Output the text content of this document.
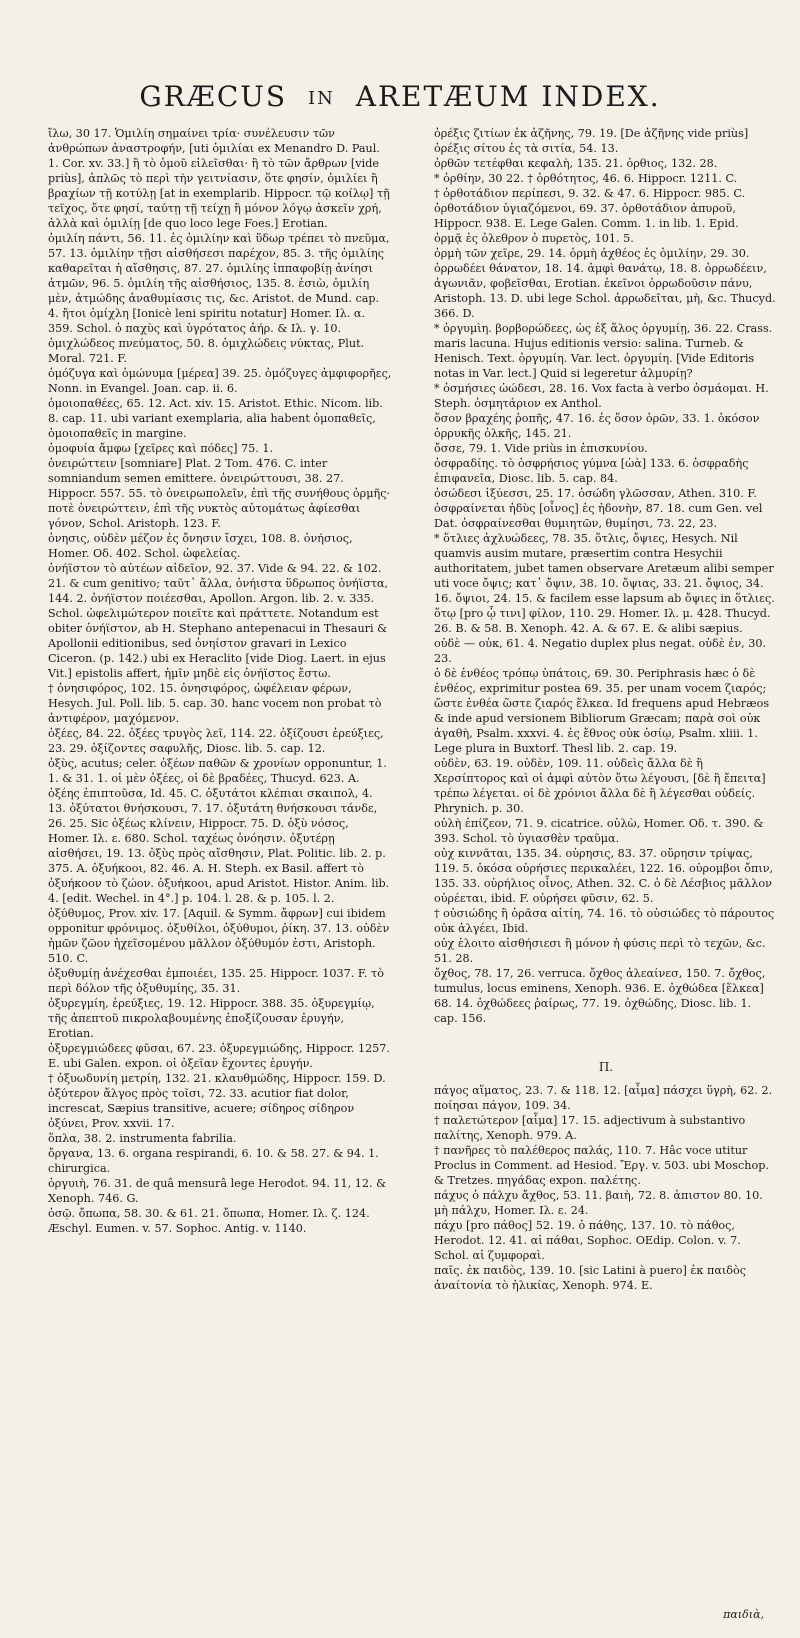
GRÆCUS IN ARETÆUM INDEX.

ἴλω, 30 17. Ὁμιλίη σημαίνει τρία· συνέλευσιν τῶν ἀνθρώπων ἀναστροφήν, [uti ὁμιλίαι ex Menandro D. Paul. 1. Cor. xv. 33.] ἢ τὸ ὁμοῦ εἰλεῖσθαι· ἢ τὸ τῶν ἄρθρων [vide priùs], ἁπλῶς τὸ περὶ τὴν γειτνίασιν, ὅτε φησίν, ὁμιλίει ἢ βραχίων τῇ κοτύλῃ [at in exemplarib. Hippocr. τῷ κοίλῳ] τῇ τεῖχος, ὅτε φησί, ταύτῃ τῇ τείχῃ ἢ μόνον λόγῳ ἀσκεῖν χρή, ἀλλὰ καὶ ὁμιλίῃ [de quo loco lege Foes.] Erotian.

ὁμιλίη πάντι, 56. 11. ἐς ὁμιλίην καὶ ὕδωρ τρέπει τὸ πνεῦμα, 57. 13. ὁμιλίην τῇσι αἰσθήσεσι παρέχον, 85. 3. τῆς ὁμιλίης καθαρεῖται ἡ αἴσθησις, 87. 27. ὁμιλίης ἱππαφοβίῃ ἀνίησι ἀτμῶν, 96. 5. ὁμιλίη τῆς αἰσθήσιος, 135. 8. ἐσιὼ, ὁμιλίη μὲν, ἀτμώδης ἀναθυμίασις τις, &c. Aristot. de Mund. cap. 4. ἤτοι ὁμίχλη [Ionicè leni spiritu notatur] Homer. Ιλ. α. 359. Schol. ὁ παχὺς καὶ ὑγρότατος ἀήρ. & Ιλ. γ. 10.

ὁμιχλώδεος πνεύματος, 50. 8. ὁμιχλώδεις νύκτας, Plut. Moral. 721. F.

ὁμόζυγα καὶ ὁμώνυμα [μέρεα] 39. 25. ὁμόζυγες ἀμφιφορῆες, Nonn. in Evangel. Joan. cap. ii. 6.

ὁμοιοπαθέες, 65. 12. Act. xiv. 15. Aristot. Ethic. Nicom. lib. 8. cap. 11. ubi variant exemplaria, alia habent ὁμοπαθεῖς, ὁμοιοπαθεῖς in margine.

ὁμοφυία ἄμφω [χεῖρες καὶ πόδες] 75. 1.

ὀνειρώττειν [somniare] Plat. 2 Tom. 476. C. inter somniandum semen emittere. ὀνειρώττουσι, 38. 27. Hippocr. 557. 55. τὸ ὀνειρωπολεῖν, ἐπὶ τῆς συνήθους ὀρμῆς· ποτὲ ὀνειρώττειν, ἐπὶ τῆς νυκτὸς αὐτομάτως ἀφίεσθαι γόνον, Schol. Aristoph. 123. F.

ὀνησις, οὐδὲν μέζον ἐς ὄνησιν ἴσχει, 108. 8. ὀνήσιος, Homer. Οδ. 402. Schol. ὠφελείας.

ὀνήϊστον τὸ αὐτέων αἰδεῖον, 92. 37. Vide & 94. 22. & 102. 21. & cum genitivo; ταῦτ᾽ ἄλλα, ὀνήιστα ὕδρωπος ὀνήϊστα, 144. 2. ὀνήϊστον ποιέεσθαι, Apollon. Argon. lib. 2. v. 335. Schol. ὠφελιμώτερον ποιεῖτε καὶ πράττετε. Notandum est obiter ὀνήϊστον, ab H. Stephano antepenacui in Thesauri & Apollonii editionibus, sed ὀνηίστον gravari in Lexico Ciceron. (p. 142.) ubi ex Heraclito [vide Diog. Laert. in ejus Vit.] epistolis affert, ἡμῖν μηδὲ εἰς ὀνήϊστος ἔστω.

† ὀνησιφόρος, 102. 15. ὀνησιφόρος, ὠφέλειαν φέρων, Hesych. Jul. Poll. lib. 5. cap. 30. hanc vocem non probat τὸ ἀντιφέρον, μαχόμενον.

ὀξέες, 84. 22. ὀξέες τρυγὸς λεῖ, 114. 22. ὀξίζουσι ἐρεύξιες, 23. 29. ὀξίζοντες σαφυλῆς, Diosc. lib. 5. cap. 12.

ὀξὺς, acutus; celer. ὀξέων παθῶν & χρονίων opponuntur, 1. 1. & 31. 1. οἱ μὲν ὀξέες, οἱ δὲ βραδέες, Thucyd. 623. A. ὀξέης ἐπιπτοῦσα, Id. 45. C. ὀξυτάτοι κλέπιαι σκαιπολ, 4. 13. ὀξύτατοι θνήσκουσι, 7. 17. ὀξυτάτη θνήσκουσι τάνδε, 26. 25. Sic ὀξέως κλίνειν, Hippocr. 75. D. ὀξὺ νόσος, Homer. Ιλ. ε. 680. Schol. ταχέως ὀνόησιν. ὀξυτέρῃ αἰσθήσει, 19. 13. ὀξὺς πρὸς αἴσθησιν, Plat. Politic. lib. 2. p. 375. A. ὀξυήκοοι, 82. 46. A. H. Steph. ex Basil. affert τὸ ὀξυήκοον τὸ ζώον. ὀξυήκοοι, apud Aristot. Histor. Anim. lib. 4. [edit. Wechel. in 4°.] p. 104. l. 28. & p. 105. l. 2.

ὀξύθυμος, Prov. xiv. 17. [Aquil. & Symm. ἄφρων] cui ibidem opponitur φρόνιμος. ὀξυθίλοι, ὀξύθυμοι, ῥίκη. 37. 13. οὐδὲν ἡμῶν ζῶον ἡχεῖσομένου μᾶλλον ὀξύθυμόν ἐστι, Aristoph. 510. C.

ὀξυθυμίῃ ἀνέχεσθαι ἐμποιέει, 135. 25. Hippocr. 1037. F. τὸ περὶ δόλον τῆς ὀξυθυμίης, 35. 31.

ὀξυρεγμίη, ἐρεύξιες, 19. 12. Hippocr. 388. 35. ὀξυρεγμίῳ, τῆς ἀπεπτοῦ πικρολαβουμένης ἐποξίζουσαν ἐρυγήν, Erotian.

ὀξυρεγμιώδεες φῦσαι, 67. 23. ὀξυρεγμιώδης, Hippocr. 1257. E. ubi Galen. expon. οἱ ὀξεῖαν ἔχοντες ἐρυγήν.

† ὀξυωδυνίη μετρίη, 132. 21. κλαυθμώδης, Hippocr. 159. D.

ὀξύτερον ἄλγος πρὸς τοῖσι, 72. 33. acutior fiat dolor, increscat, Sæpius transitive, acuere; σίδηρος σίδηρον ὀξύνει, Prov. xxvii. 17.

ὅπλα, 38. 2. instrumenta fabrilia.

ὄργανα, 13. 6. organa respirandi, 6. 10. & 58. 27. & 94. 1. chirurgica.

ὀργυιὴ, 76. 31. de quâ mensurâ lege Herodot. 94. 11, 12. & Xenoph. 746. G.

ὀσῷ. ὄπωπα, 58. 30. & 61. 21. ὄπωπα, Homer. Ιλ. ζ. 124. Æschyl. Eumen. v. 57. Sophoc. Antig. v. 1140.

ὀρέξις ζιτίων ἐκ ἀζῆνης, 79. 19. [De ἀζῆνης vide priùs] ὀρέξις σίτου ἐς τὰ σιτία, 54. 13.

ὀρθῶν τετέφθαι κεφαλὴ, 135. 21. ὀρθιος, 132. 28.

* ὀρθίην, 30 22. † ὀρθότητος, 46. 6. Hippocr. 1211. C.

† ὀρθοτάδιον περίπεσι, 9. 32. & 47. 6. Hippocr. 985. C. ὀρθοτάδιον ὑγιαζόμενοι, 69. 37. ὀρθοτάδιον ἀπυροῦ, Hippocr. 938. E. Lege Galen. Comm. 1. in lib. 1. Epid.

ὀρμᾷ ἐς ὀλεθρον ὁ πυρετὸς, 101. 5.

ὀρμὴ τῶν χεῖρε, 29. 14. ὀρμὴ ἀχθέος ἐς ὁμιλίην, 29. 30.

ὀρρωδέει θάνατον, 18. 14. ἀμφὶ θανάτῳ, 18. 8. ὀρρωδέειν, ἀγωνιᾶν, φοβεῖσθαι, Erotian. ἐκεῖνοι ὀρρωδοῦσιν πάνυ, Aristoph. 13. D. ubi lege Schol. ἀρρωδεῖται, μὴ, &c. Thucyd. 366. D.

* ὀργυμὶη. βορβορώδεες, ὡς ἐξ ἅλος ὀργυμίῃ, 36. 22. Crass. maris lacuna. Hujus editionis versio: salina. Turneb. & Henisch. Text. ὀργυμίη. Var. lect. ὀργυμίη. [Vide Editoris notas in Var. lect.] Quid si legeretur ἀλμυρίῃ?

* ὀσμήσιες ὠώδεσι, 28. 16. Vox facta à verbo ὀσμάομαι. H. Steph. ὀσμητάριον ex Anthol.

ὅσον βραχέης ῥοπῆς, 47. 16. ἐς ὅσον ὁρῶν, 33. 1. ὁκόσον ὁρρυκῆς ὀλκῆς, 145. 21.

ὄσσε, 79. 1. Vide priùs in ἐπισκυνίου.

ὀσφραδίης. τὸ ὀσφρήσιος γύμνα [ὠὰ] 133. 6. ὀσφραδὴς ἐπιφανεῖα, Diosc. lib. 5. cap. 84.

ὀσώδεσι ἰξύεσσι, 25. 17. ὀσώδη γλῶσσαν, Athen. 310. F.

ὀσφραίνεται ἡδὺς [οἶνος] ἐς ἡδονὴν, 87. 18. cum Gen. vel Dat. ὀσφραίνεσθαι θυμιητῶν, θυμίησι, 73. 22, 23.

* ὅτλιες ἀχλυώδεες, 78. 35. ὅτλις, ὄψιες, Hesych. Nil quamvis ausim mutare, præsertim contra Hesychii authoritatem, jubet tamen observare Aretæum alibi semper uti voce ὄψις; κατ᾽ ὄψιν, 38. 10. ὄψιας, 33. 21. ὄψιος, 34. 16. ὄψιοι, 24. 15. & facilem esse lapsum ab ὄψιες in ὅτλιες.

ὅτῳ [pro ᾧ τινι] φίλον, 110. 29. Homer. Ιλ. μ. 428. Thucyd. 26. B. & 58. B. Xenoph. 42. A. & 67. E. & alibi sæpius.

οὐδὲ — οὐκ, 61. 4. Negatio duplex plus negat. οὐδὲ ἐν, 30. 23.

ὁ δὲ ἐνθέος τρόπῳ ὑπάτοις, 69. 30. Periphrasis hæc ὁ δὲ ἐνθέος, exprimitur postea 69. 35. per unam vocem ζιαρός; ὥστε ἐνθέα ὥστε ζιαρός ἕλκεα. Id frequens apud Hebræos & inde apud versionem Bibliorum Græcam; παρὰ σοὶ οὐκ ἀγαθὴ, Psalm. xxxvi. 4. ἐς ἔθνος οὐκ ὁσίῳ, Psalm. xliii. 1. Lege plura in Buxtorf. Thesl lib. 2. cap. 19.

οὐδὲν, 63. 19. οὐδὲν, 109. 11. οὐδεὶς ἄλλα δὲ ἢ Χερσίπτορος καὶ οἱ ἀμφὶ αὐτὸν ὅτω λέγουσι, [δὲ ἢ ἔπειτα] τρέπω λέγεται. οἱ δὲ χρόνιοι ἄλλα δὲ ἢ λέγεσθαι οὐδείς. Phrynich. p. 30.

οὐλὴ ἐπίζεον, 71. 9. cicatrice. οὐλὼ, Homer. Οδ. τ. 390. & 393. Schol. τὸ ὑγιασθὲν τραῦμα.

οὐχ κιννᾶται, 135. 34. οὐρησις, 83. 37. οὔρησιν τρίψας, 119. 5. ὁκόσα οὐρήσιες περικαλέει, 122. 16. οὐρομβοι ὄπιν, 135. 33. οὐρήλιος οἶνος, Athen. 32. C. ὁ δὲ Λέσβιος μᾶλλον οὐρέεται, ibid. F. οὐρήσει φῦσιν, 62. 5.

† οὐσιώδης ἢ ὁρᾶσα αἰτίη, 74. 16. τὸ οὐσιώδες τὸ πάρουτος οὐκ ἀλγέει, Ibid.

οὐχ ἑλοιτο αἰσθήσιεσι ἢ μόνον ἡ φύσις περὶ τὸ τεχῶν, &c. 51. 28.

ὄχθος, 78. 17, 26. verruca. ὄχθος ἀλεαίνεσ, 150. 7. ὄχθος, tumulus, locus eminens, Xenoph. 936. E. ὀχθώδεα [ἕλκεα] 68. 14. ὀχθώδεες ῥαίρως, 77. 19. ὀχθώδης, Diosc. lib. 1. cap. 156.

Π.

πάγος αἵματος, 23. 7. & 118. 12. [αἷμα] πάσχει ὕγρὴ, 62. 2. ποίησαι πάγον, 109. 34.

† παλετώτερον [αἷμα] 17. 15. adjectivum à substantivo παλίτης, Xenoph. 979. A.

† πανῆρες τὸ παλέθερος παλάς, 110. 7. Hâc voce utitur Proclus in Comment. ad Hesiod. Ἔργ. v. 503. ubi Moschop. & Tretzes. πηγάδας expon. παλέτης.

πάχυς ὁ πάλχυ ἄχθος, 53. 11. βαιὴ, 72. 8. ἀπιστον 80. 10. μὴ πάλχυ, Homer. Ιλ. ε. 24.

πάχυ [pro πάθος] 52. 19. ὁ πάθης, 137. 10. τὸ πάθος, Herodot. 12. 41. αἱ πάθαι, Sophoc. OEdip. Colon. v. 7. Schol. αἱ ζυμφοραὶ.

παῖς. ἐκ παιδὸς, 139. 10. [sic Latini à puero] ἐκ παιδὸς ἀναίτονία τὸ ἡλικίας, Xenoph. 974. E.

παιδιὰ,
